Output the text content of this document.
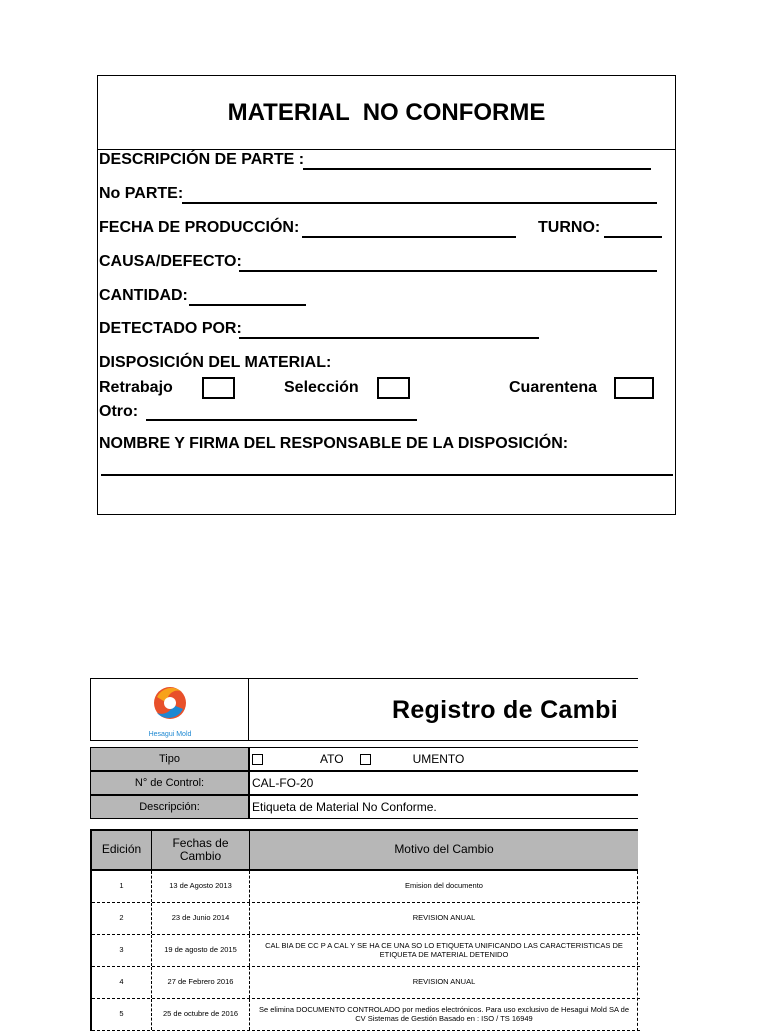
MATERIAL  NO CONFORME
DESCRIPCIÓN DE PARTE :
No PARTE:
FECHA DE PRODUCCIÓN:	TURNO:
CAUSA/DEFECTO:
CANTIDAD:
DETECTADO POR:
DISPOSICIÓN DEL MATERIAL:
Retrabajo	Selección	Cuarentena
Otro:
NOMBRE Y FIRMA DEL RESPONSABLE DE LA DISPOSICIÓN:
Hesagui Mold
Registro de Cambi
Tipo	ATO	UMENTO
N° de Control:	CAL-FO-20
Descripción:	Etiqueta de Material No Conforme.
Edición	Fechas de Cambio	Motivo del Cambio
1	13 de Agosto 2013	Emision del documento
2	23 de Junio 2014	REVISION ANUAL
3	19 de agosto de 2015	CAL BIA DE CC P A CAL Y SE HA CE UNA SO LO ETIQUETA UNIFICANDO LAS CARACTERISTICAS DE ETIQUETA DE MATERIAL DETENIDO
4	27 de Febrero 2016	REVISION ANUAL
5	25 de octubre de 2016	Se elimina DOCUMENTO CONTROLADO por medios electrónicos. Para uso exclusivo de Hesagui Mold SA de CV Sistemas de Gestión Basado en : ISO / TS 16949
